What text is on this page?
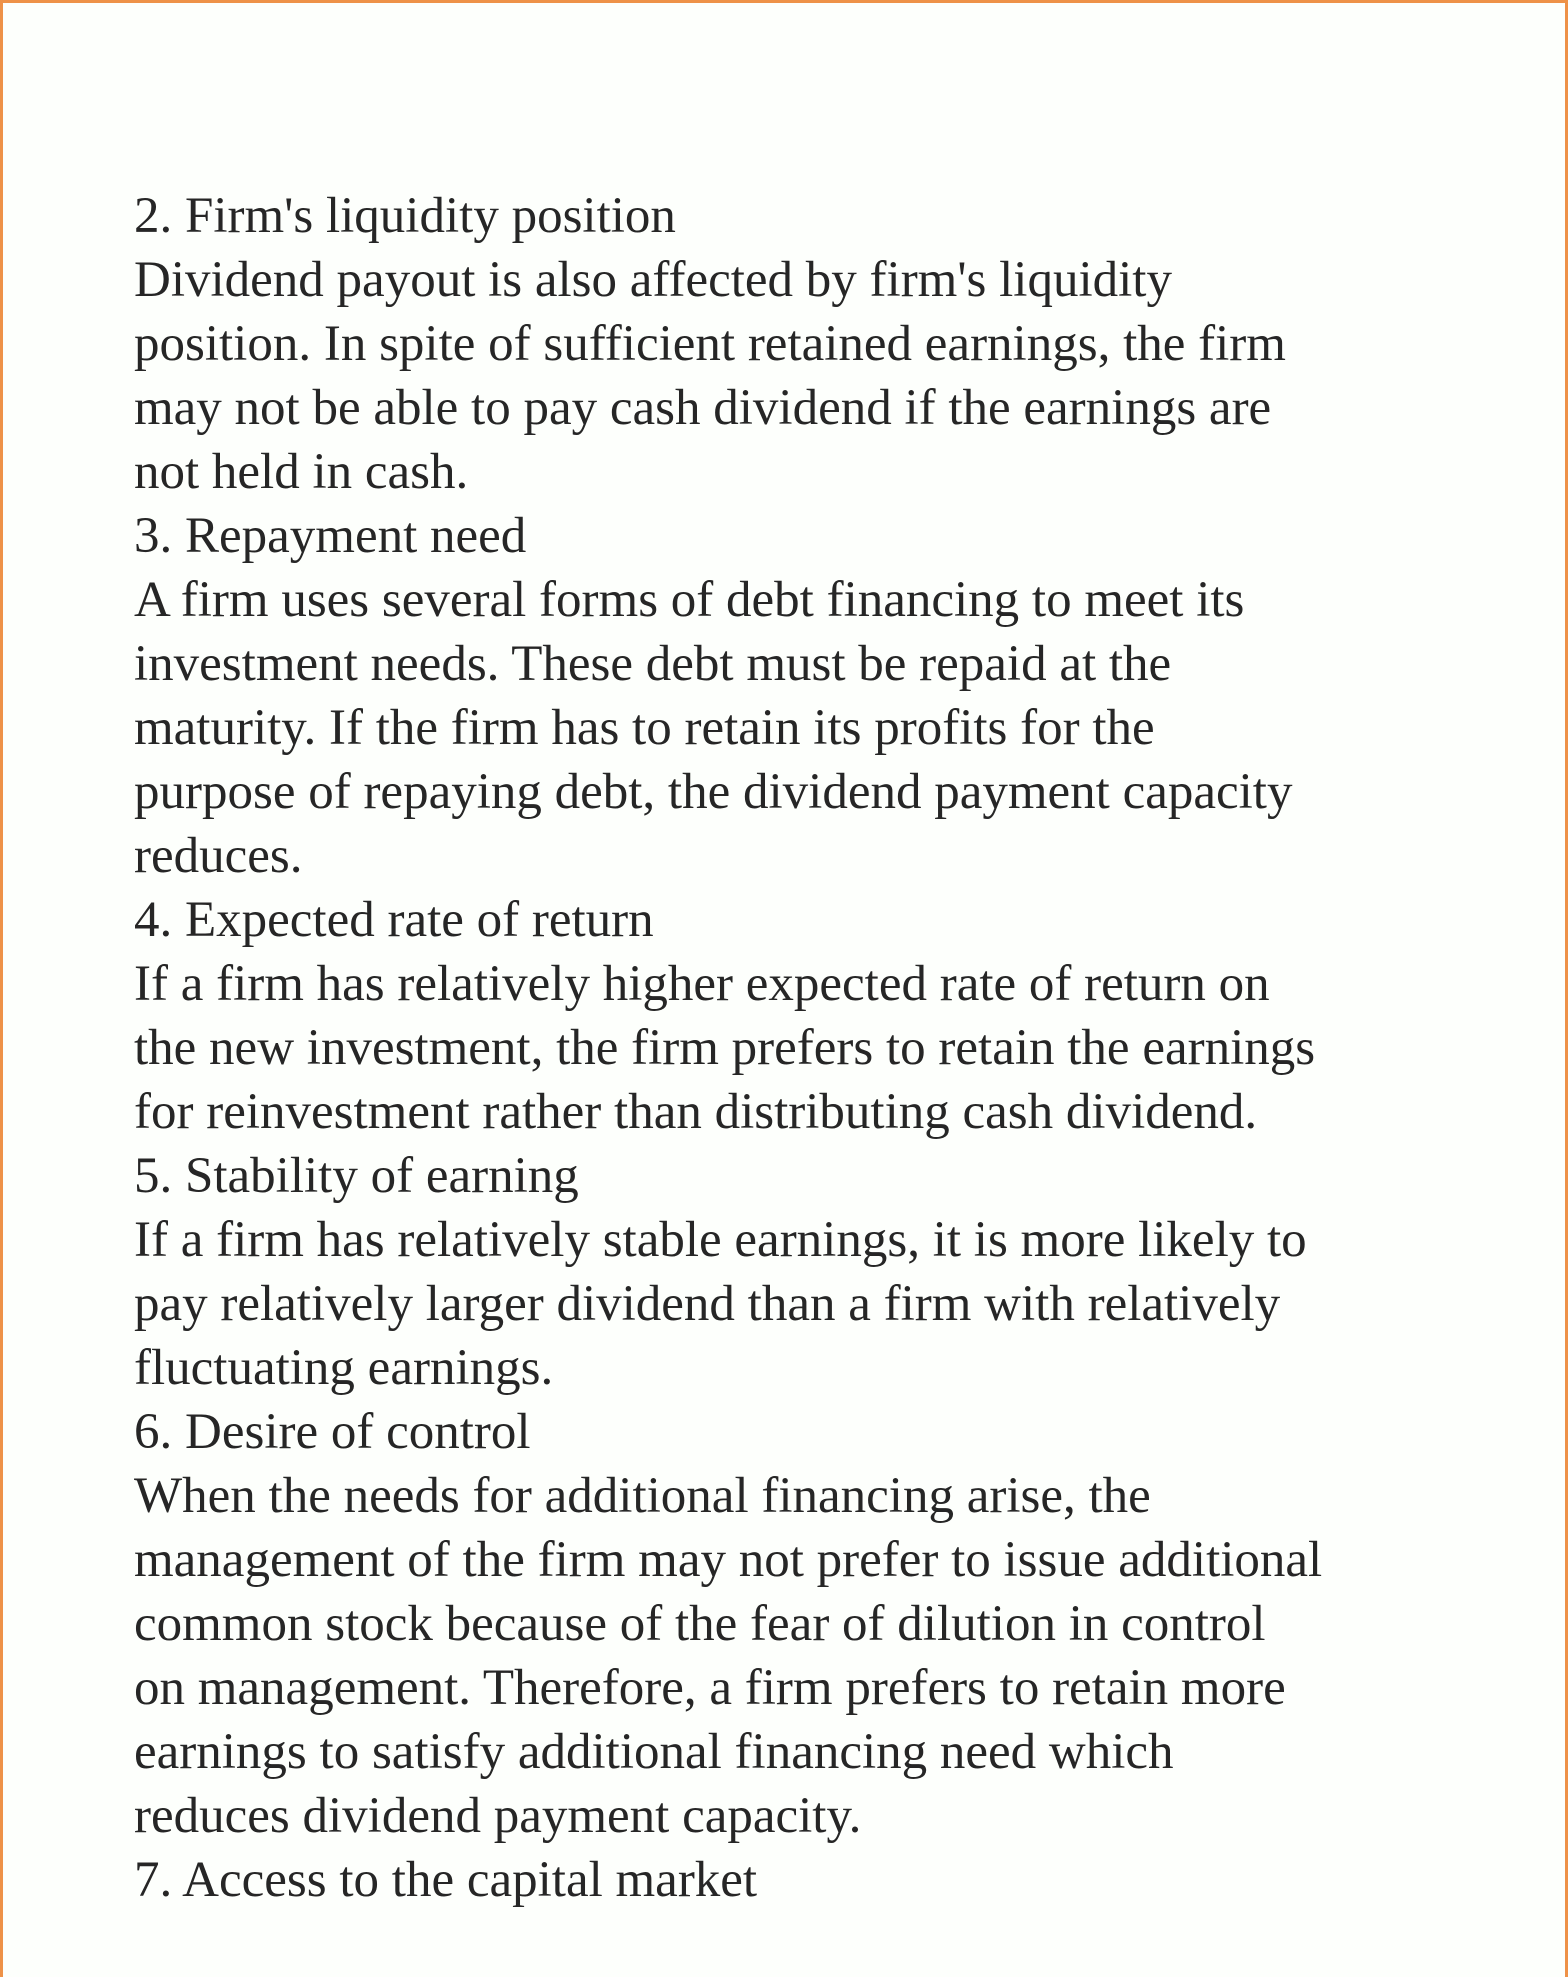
2. Firm's liquidity position

Dividend payout is also affected by firm's liquidity

position. In spite of sufficient retained earnings, the firm

may not be able to pay cash dividend if the earnings are

not held in cash.

3. Repayment need

A firm uses several forms of debt financing to meet its

investment needs. These debt must be repaid at the

maturity. If the firm has to retain its profits for the

purpose of repaying debt, the dividend payment capacity

reduces.

4. Expected rate of return

If a firm has relatively higher expected rate of return on

the new investment, the firm prefers to retain the earnings

for reinvestment rather than distributing cash dividend.

5. Stability of earning

If a firm has relatively stable earnings, it is more likely to

pay relatively larger dividend than a firm with relatively

fluctuating earnings.

6. Desire of control

When the needs for additional financing arise, the

management of the firm may not prefer to issue additional

common stock because of the fear of dilution in control

on management. Therefore, a firm prefers to retain more

earnings to satisfy additional financing need which

reduces dividend payment capacity.

7. Access to the capital market
